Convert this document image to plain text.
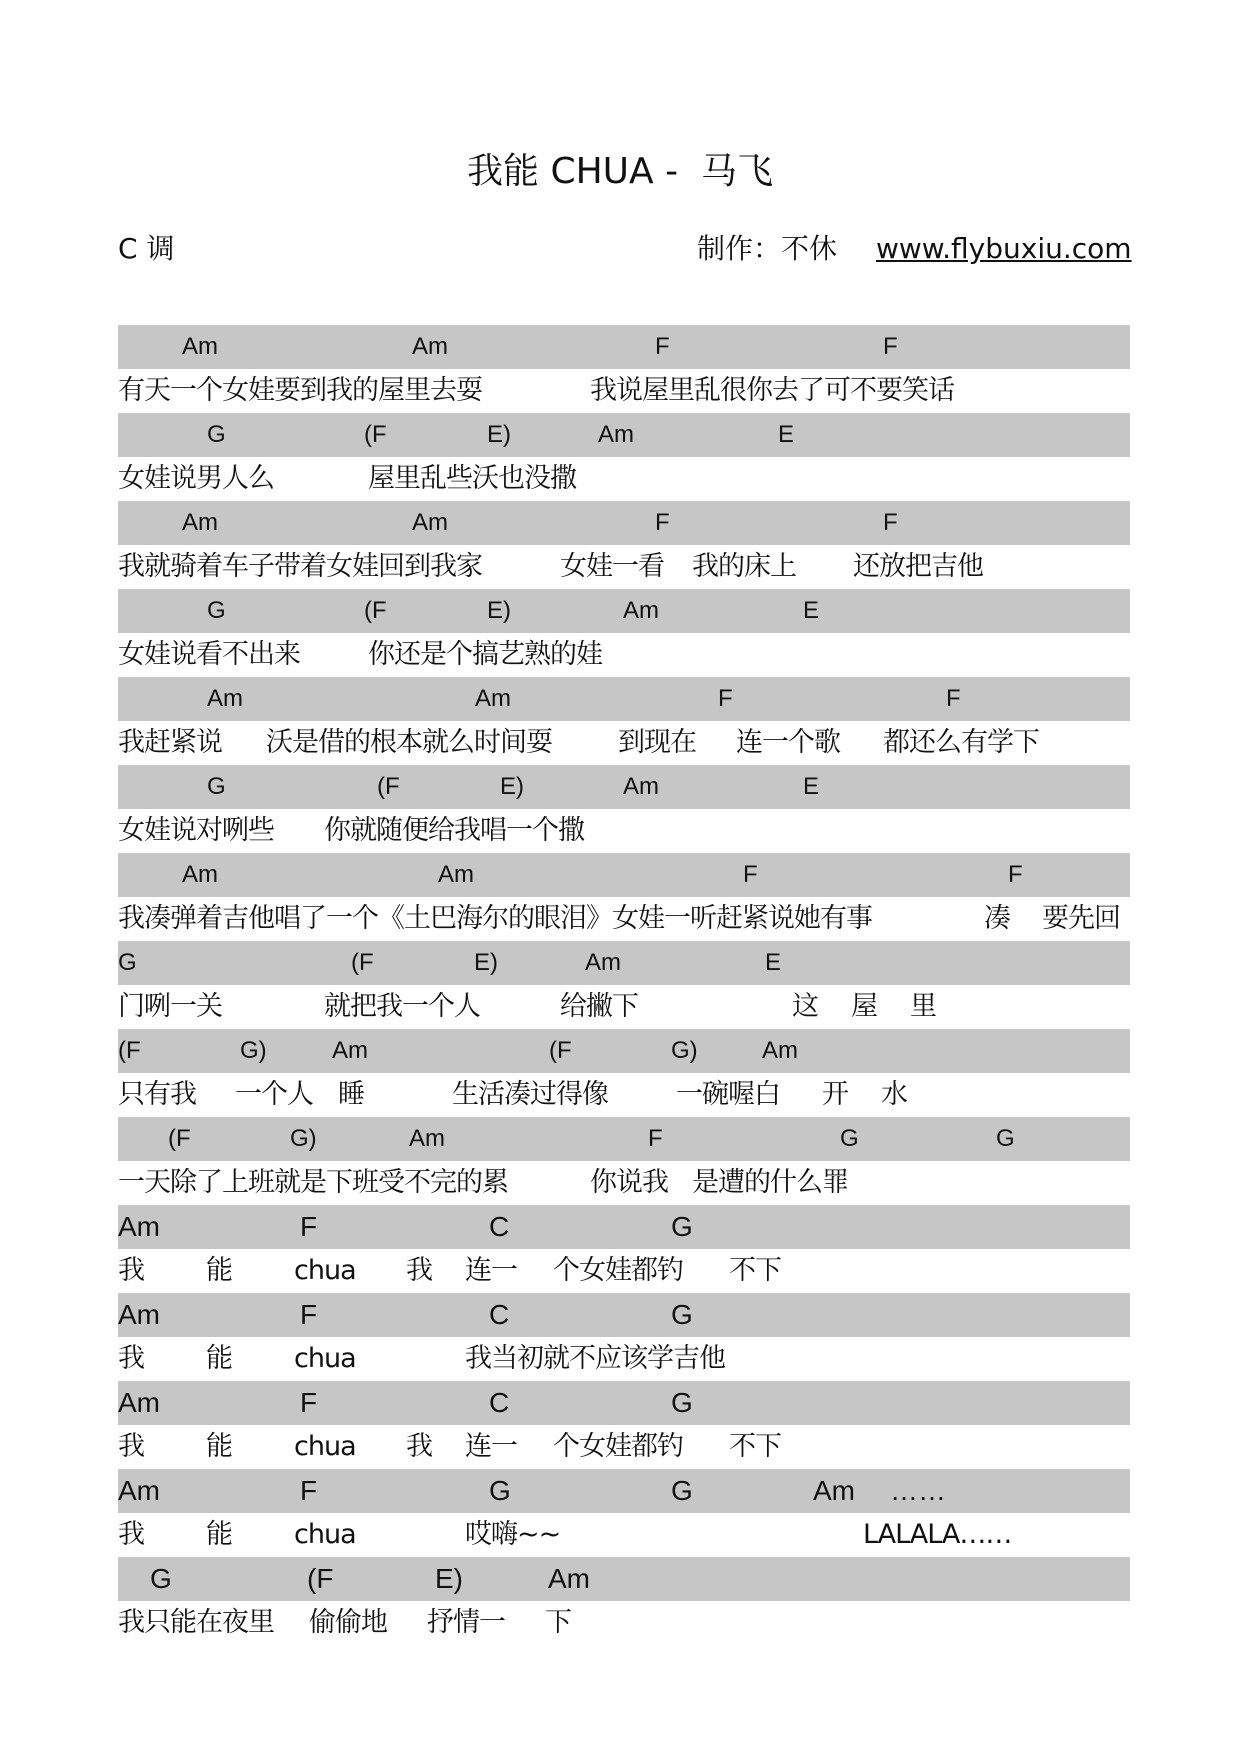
我能 CHUA -  马飞
C 调	制作：不休 www.flybuxiu.com
Am	Am	F	F
有天一个女娃要到我的屋里去耍	我说屋里乱很你去了可不要笑话
G	(F	E)	Am	E
女娃说男人么	屋里乱些沃也没撒
Am	Am	F	F
我就骑着车子带着女娃回到我家	女娃一看 我的床上 还放把吉他
G	(F	E)	Am	E
女娃说看不出来	你还是个搞艺熟的娃
Am	Am	F	F
我赶紧说 沃是借的根本就么时间耍 到现在 连一个歌 都还么有学下
G	(F	E)	Am	E
女娃说对咧些 你就随便给我唱一个撒
Am	Am	F	F
我凑弹着吉他唱了一个《土巴海尔的眼泪》女娃一听赶紧说她有事	凑 要先回
G	(F	E)	Am	E
门咧一关	就把我一个人	给撇下	这 屋 里
(F	G)	Am	(F	G)	Am
只有我 一个人 睡	生活凑过得像	一碗喔白 开 水
(F	G)	Am	F	G	G
一天除了上班就是下班受不完的累	你说我 是遭的什么罪
Am	F	C	G
我 能 chua 我 连一 个女娃都钓 不下
Am	F	C	G
我 能 chua	我当初就不应该学吉他
Am	F	C	G
我 能 chua 我 连一 个女娃都钓 不下
Am	F	G	G	Am ……
我 能 chua	哎嗨~~	LALALA……
G	(F	E)	Am
我只能在夜里 偷偷地 抒情一 下
